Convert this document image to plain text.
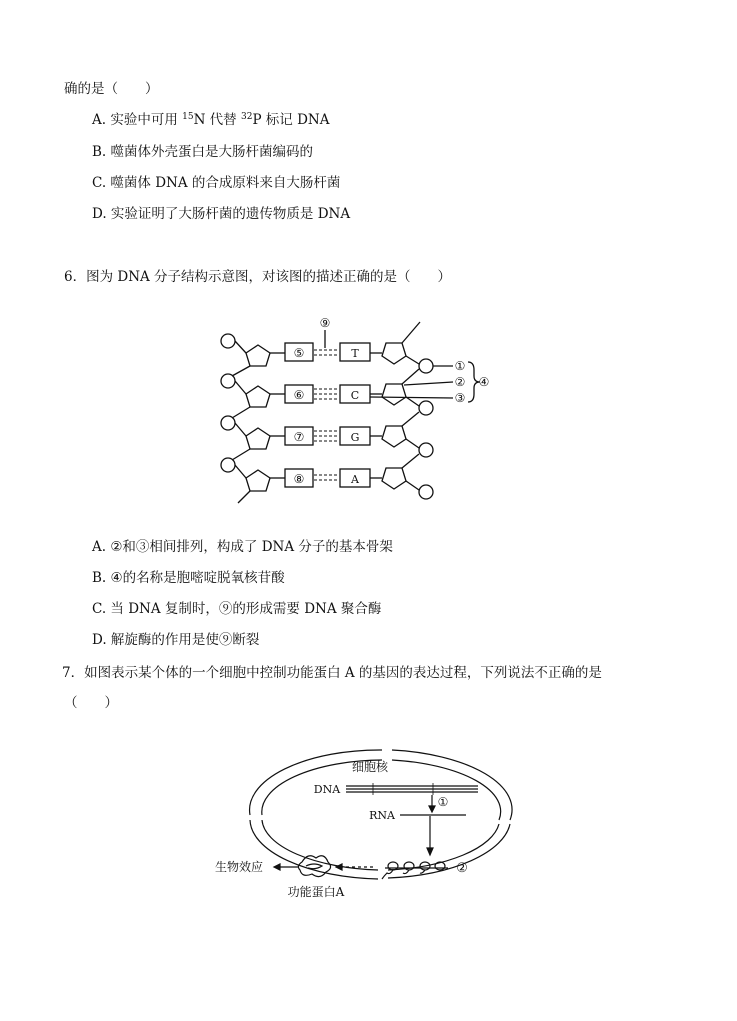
确的是（　　）
A. 实验中可用 $^{15}$N 代替 $^{32}$P 标记 DNA
B. 噬菌体外壳蛋白是大肠杆菌编码的
C. 噬菌体 DNA 的合成原料来自大肠杆菌
D. 实验证明了大肠杆菌的遗传物质是 DNA
6．图为 DNA 分子结构示意图，对该图的描述正确的是（　　）
⑤
⑥
⑦
⑧
T
C
G
A
⑨
①
②
③
④
细胞核
DNA
RNA
①
②
生物效应
功能蛋白A
A. ②和③相间排列，构成了 DNA 分子的基本骨架
B. ④的名称是胞嘧啶脱氧核苷酸
C. 当 DNA 复制时，⑨的形成需要 DNA 聚合酶
D. 解旋酶的作用是使⑨断裂
7．如图表示某个体的一个细胞中控制功能蛋白 A 的基因的表达过程，下列说法不正确的是
（　　）
